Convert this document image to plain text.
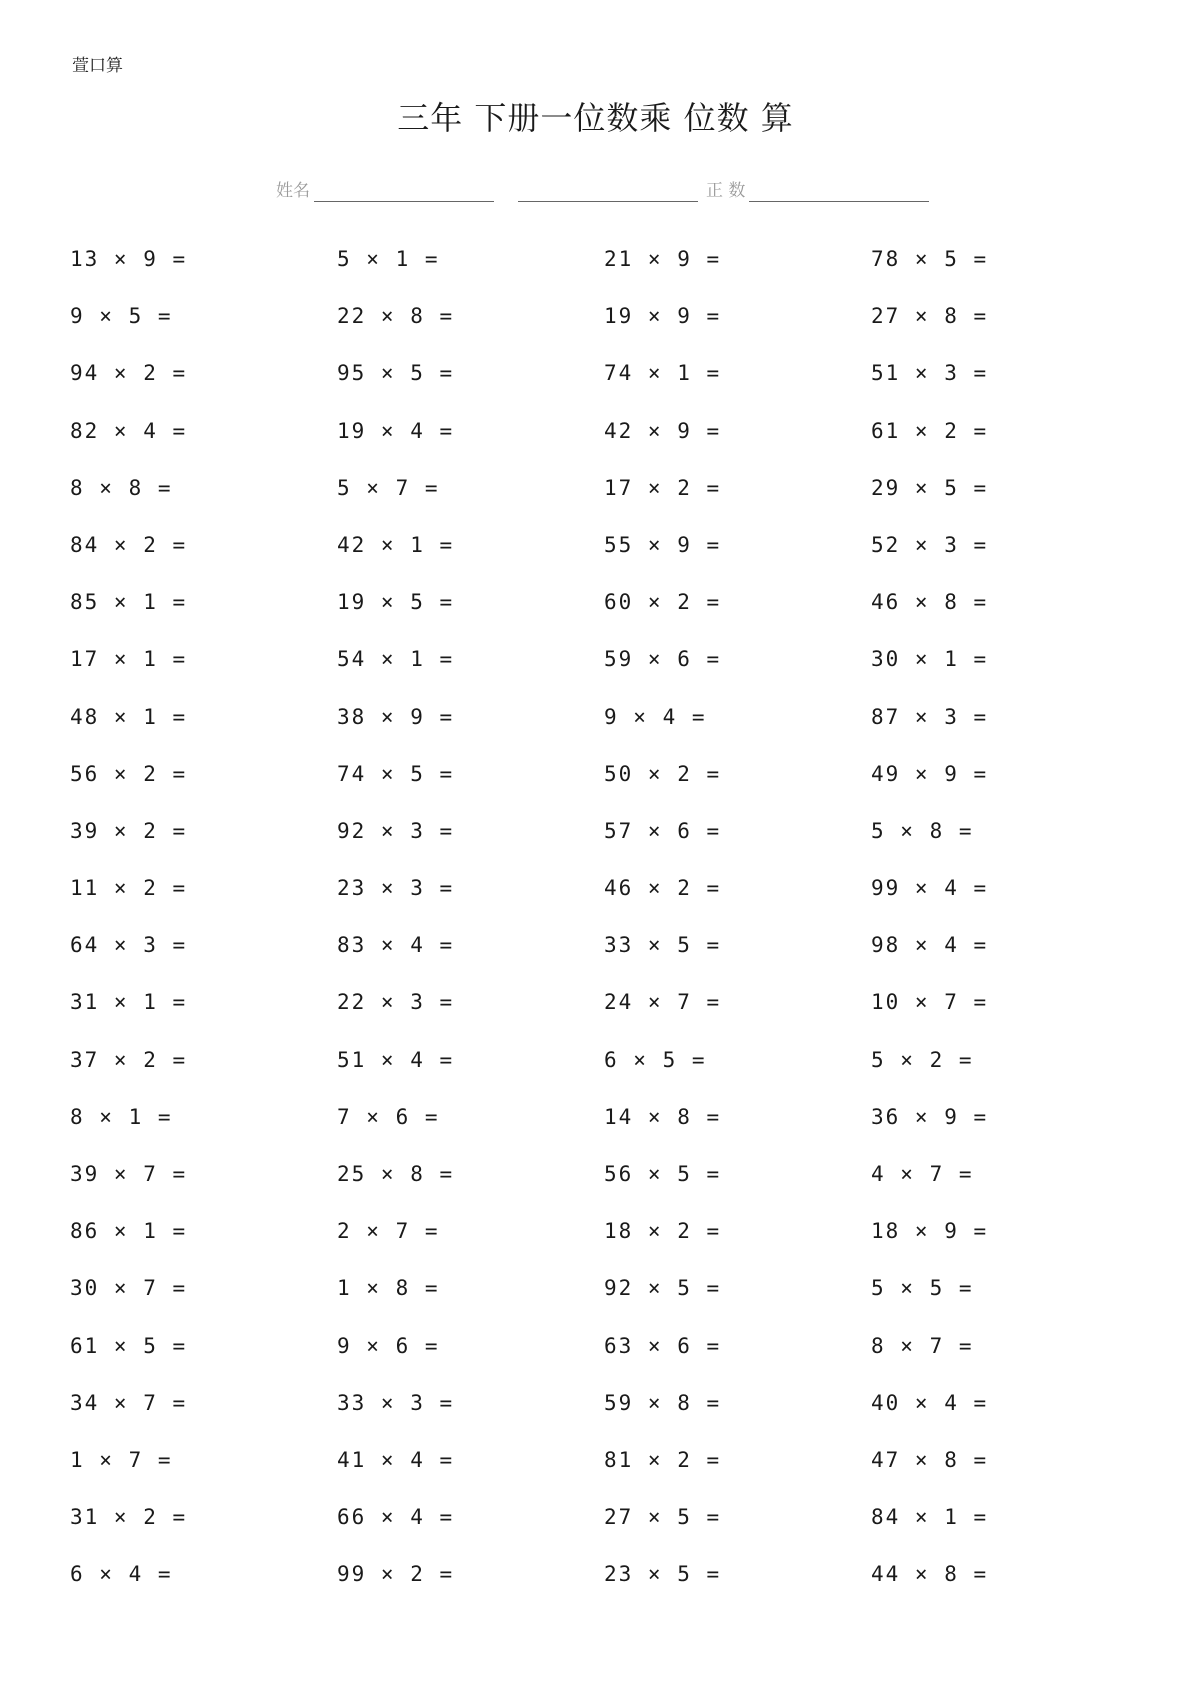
萱口算
三年 下册一位数乘 位数 算
姓名	正 数
13 × 9 =	5 × 1 =	21 × 9 =	78 × 5 =
9 × 5 =	22 × 8 =	19 × 9 =	27 × 8 =
94 × 2 =	95 × 5 =	74 × 1 =	51 × 3 =
82 × 4 =	19 × 4 =	42 × 9 =	61 × 2 =
8 × 8 =	5 × 7 =	17 × 2 =	29 × 5 =
84 × 2 =	42 × 1 =	55 × 9 =	52 × 3 =
85 × 1 =	19 × 5 =	60 × 2 =	46 × 8 =
17 × 1 =	54 × 1 =	59 × 6 =	30 × 1 =
48 × 1 =	38 × 9 =	9 × 4 =	87 × 3 =
56 × 2 =	74 × 5 =	50 × 2 =	49 × 9 =
39 × 2 =	92 × 3 =	57 × 6 =	5 × 8 =
11 × 2 =	23 × 3 =	46 × 2 =	99 × 4 =
64 × 3 =	83 × 4 =	33 × 5 =	98 × 4 =
31 × 1 =	22 × 3 =	24 × 7 =	10 × 7 =
37 × 2 =	51 × 4 =	6 × 5 =	5 × 2 =
8 × 1 =	7 × 6 =	14 × 8 =	36 × 9 =
39 × 7 =	25 × 8 =	56 × 5 =	4 × 7 =
86 × 1 =	2 × 7 =	18 × 2 =	18 × 9 =
30 × 7 =	1 × 8 =	92 × 5 =	5 × 5 =
61 × 5 =	9 × 6 =	63 × 6 =	8 × 7 =
34 × 7 =	33 × 3 =	59 × 8 =	40 × 4 =
1 × 7 =	41 × 4 =	81 × 2 =	47 × 8 =
31 × 2 =	66 × 4 =	27 × 5 =	84 × 1 =
6 × 4 =	99 × 2 =	23 × 5 =	44 × 8 =
